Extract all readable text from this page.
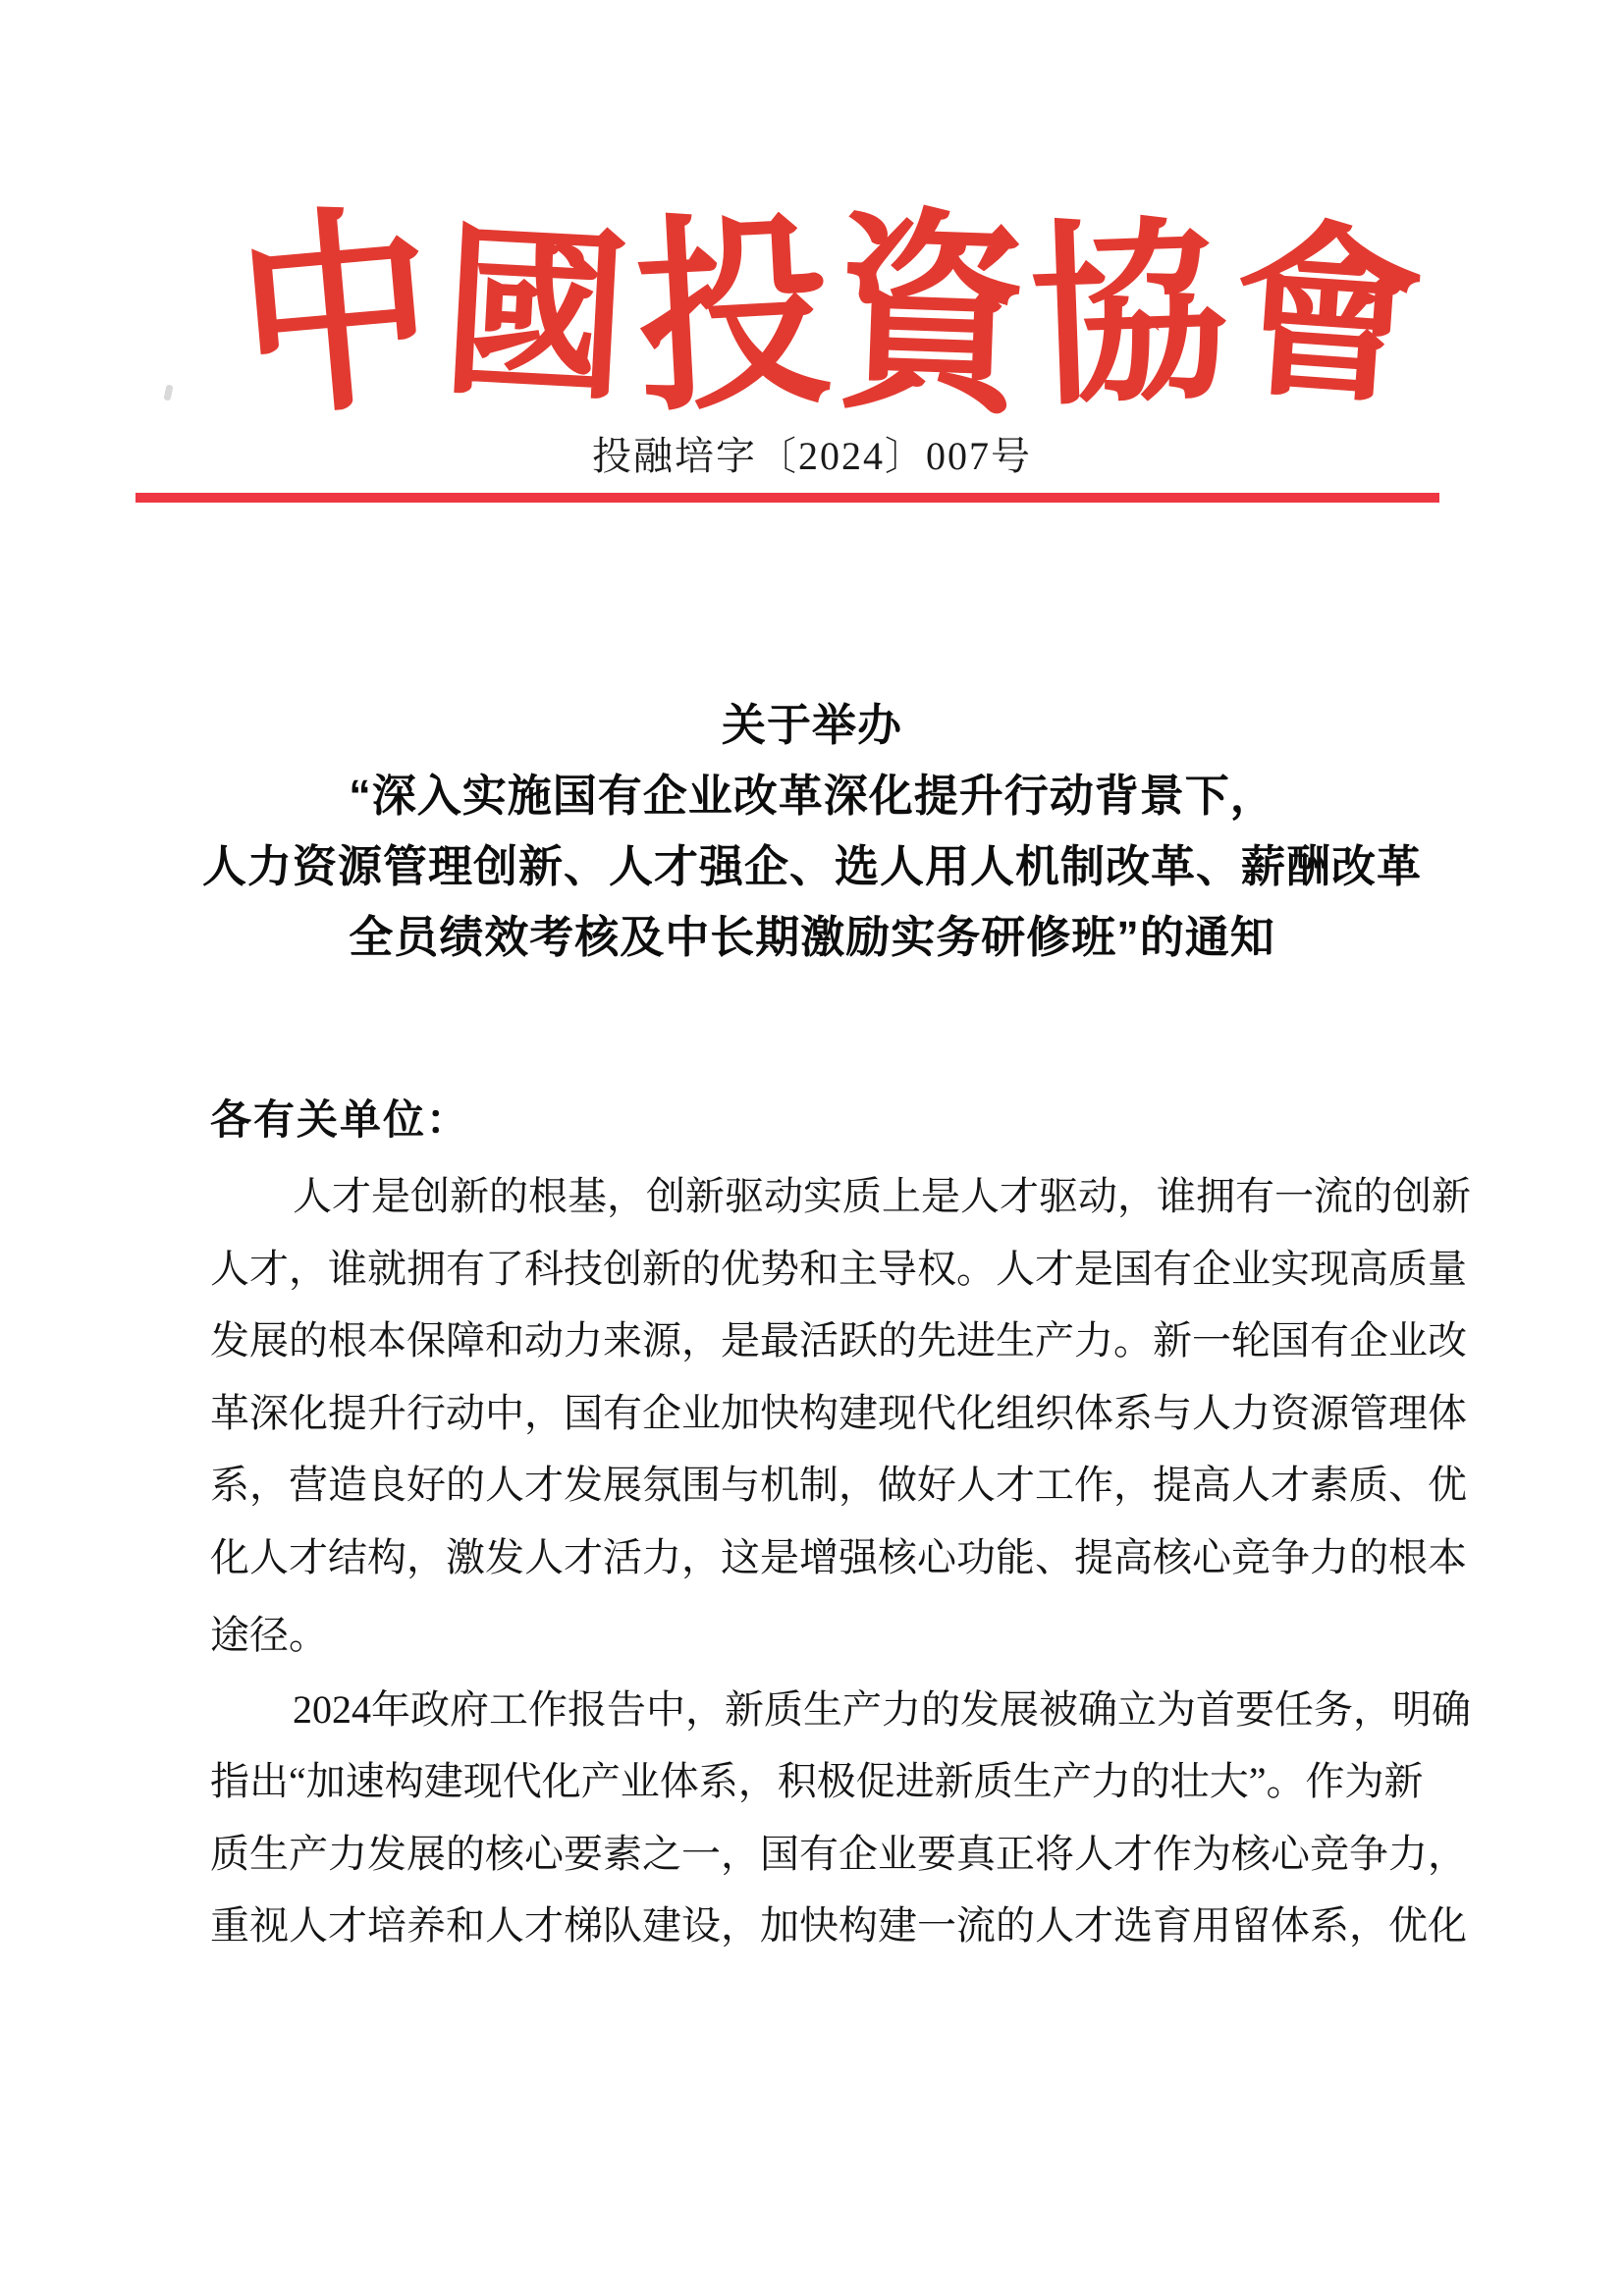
中
國
投
資
協
會
投融培字〔2024〕007号
关于举办
“深入实施国有企业改革深化提升行动背景下，
人力资源管理创新、人才强企、选人用人机制改革、薪酬改革
全员绩效考核及中长期激励实务研修班”的通知
各有关单位：
人才是创新的根基，创新驱动实质上是人才驱动，谁拥有一流的创新
人才，谁就拥有了科技创新的优势和主导权。人才是国有企业实现高质量
发展的根本保障和动力来源，是最活跃的先进生产力。新一轮国有企业改
革深化提升行动中，国有企业加快构建现代化组织体系与人力资源管理体
系，营造良好的人才发展氛围与机制，做好人才工作，提高人才素质、优
化人才结构，激发人才活力，这是增强核心功能、提高核心竞争力的根本
途径。
2024年政府工作报告中，新质生产力的发展被确立为首要任务，明确
指出“加速构建现代化产业体系，积极促进新质生产力的壮大”。作为新
质生产力发展的核心要素之一，国有企业要真正将人才作为核心竞争力，
重视人才培养和人才梯队建设，加快构建一流的人才选育用留体系，优化
